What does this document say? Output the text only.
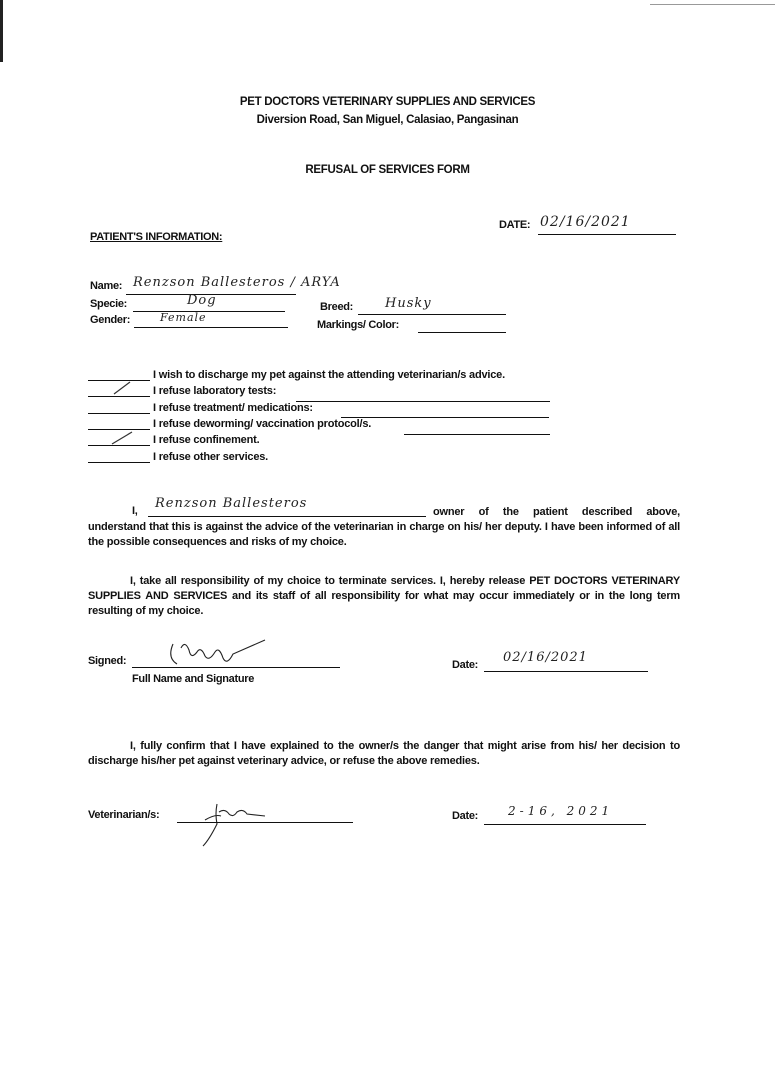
PET DOCTORS VETERINARY SUPPLIES AND SERVICES
Diversion Road, San Miguel, Calasiao, Pangasinan
REFUSAL OF SERVICES FORM
DATE: 02/16/2021
PATIENT'S INFORMATION:
Name: Renzson Ballesteros / ARYA
Specie:	Dog	Breed: Husky
Gender:	Female
Markings/ Color:
I wish to discharge my pet against the attending veterinarian/s advice.
I refuse laboratory tests:
I refuse treatment/ medications:
I refuse deworming/ vaccination protocol/s.
I refuse confinement.
I refuse other services.
I, Renzson Ballesteros

owner of the patient described above, understand that this is against the advice of the veterinarian in charge on his/ her deputy. I have been informed of all the possible consequences and risks of my choice.

I, take all responsibility of my choice to terminate services. I, hereby release PET DOCTORS VETERINARY SUPPLIES AND SERVICES and its staff of all responsibility for what may occur immediately or in the long term resulting of my choice.

Signed:
Full Name and Signature
Date: 02/16/2021

I, fully confirm that I have explained to the owner/s the danger that might arise from his/ her decision to discharge his/her pet against veterinary advice, or refuse the above remedies.

Veterinarian/s:	Date: 2-16, 2021
